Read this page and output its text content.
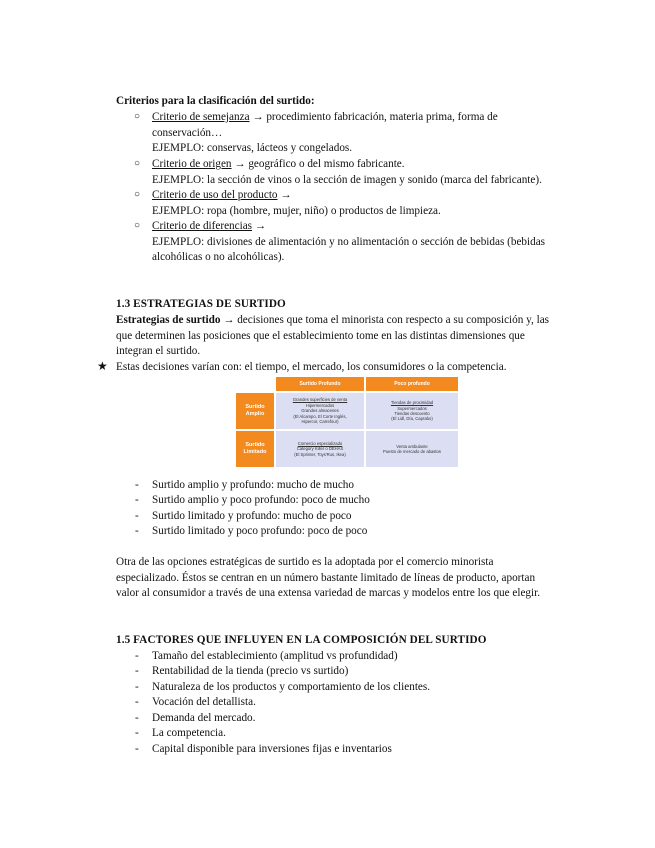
Criterios para la clasificación del surtido:
○ Criterio de semejanza → procedimiento fabricación, materia prima, forma de
conservación…
EJEMPLO: conservas, lácteos y congelados.
○ Criterio de origen → geográfico o del mismo fabricante.
EJEMPLO: la sección de vinos o la sección de imagen y sonido (marca del fabricante).
○ Criterio de uso del producto →
EJEMPLO: ropa (hombre, mujer, niño) o productos de limpieza.
○ Criterio de diferencias →
EJEMPLO: divisiones de alimentación y no alimentación o sección de bebidas (bebidas
alcohólicas o no alcohólicas).
1.3 ESTRATEGIAS DE SURTIDO
Estrategias de surtido → decisiones que toma el minorista con respecto a su composición y, las
que determinen las posiciones que el establecimiento tome en las distintas dimensiones que
integran el surtido.
★ Estas decisiones varían con: el tiempo, el mercado, los consumidores o la competencia.
Surtido Profundo	Poco profundo
Surtido Amplio
Surtido Limitado
Grandes superficies de venta
Hipermercados
Grandes almacenes
(El Alcampo, El Corte Inglés,
Hipercor, Carrefour)
Tiendas de proximidad
Supermercados
Tiendas descuento
(El Lidl, Día, Caprabo)
Comercio especializado
Category Killer o DEHAS
(El Sprinter, Toys'Rus, Ikea)
Venta ambulante
Puesto de mercado de abastos
- Surtido amplio y profundo: mucho de mucho
- Surtido amplio y poco profundo: poco de mucho
- Surtido limitado y profundo: mucho de poco
- Surtido limitado y poco profundo: poco de poco
Otra de las opciones estratégicas de surtido es la adoptada por el comercio minorista
especializado. Éstos se centran en un número bastante limitado de líneas de producto, aportan
valor al consumidor a través de una extensa variedad de marcas y modelos entre los que elegir.
1.5 FACTORES QUE INFLUYEN EN LA COMPOSICIÓN DEL SURTIDO
- Tamaño del establecimiento (amplitud vs profundidad)
- Rentabilidad de la tienda (precio vs surtido)
- Naturaleza de los productos y comportamiento de los clientes.
- Vocación del detallista.
- Demanda del mercado.
- La competencia.
- Capital disponible para inversiones fijas e inventarios
